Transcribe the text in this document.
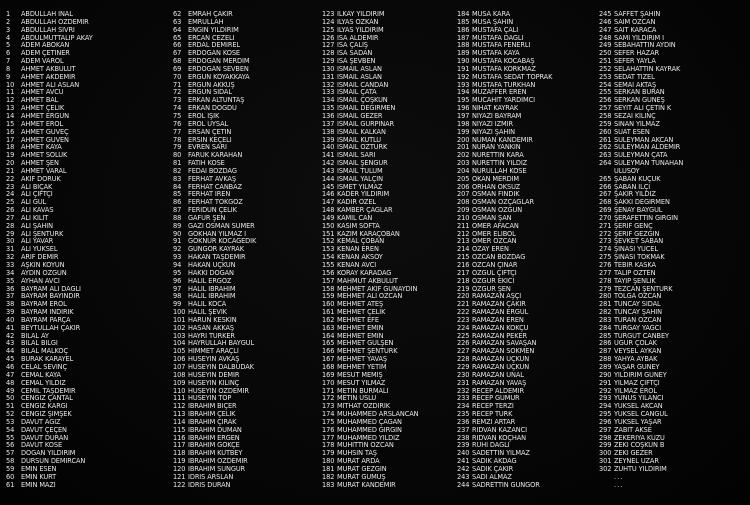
1 ABDULLAH İNAL
2 ABDULLAH ÖZDEMİR
3 ABDULLAH SİVRİ
4 ABDÜLMUTTALİP AKAY
5 ADEM ABOKAN
6 ADEM ÇETİNER
7 ADEM VAROL
8 AHMET AKBULUT
9 AHMET AKDEMİR
10 AHMET ALİ ASLAN
11 AHMET AVCU
12 AHMET BAL
13 AHMET ÇELİK
14 AHMET ERGÜN
15 AHMET EROL
16 AHMET GÜVEÇ
17 AHMET GÜVEN
18 AHMET KAYA
19 AHMET SOLUK
20 AHMET ŞEN
21 AHMET VARAL
22 AKİF DORUK
23 ALİ BIÇAK
24 ALİ ÇİFTÇİ
25 ALİ GÜL
26 ALİ KAVAS
27 ALİ KILIT
28 ALİ ŞAHİN
29 ALİ ŞENTÜRK
30 ALİ YAVAR
31 ALİ YÜKSEL
32 ARİF DEMİR
33 AŞKIN KOYUN
34 AYDIN ÖZGÜN
35 AYHAN AVCI
36 BAYRAM ALİ DAĞLI
37 BAYRAM BAYINDIR
38 BAYRAM EROL
39 BAYRAM İNDİRİK
40 BAYRAM PARÇA
41 BEYTULLAH ÇAKIR
42 BİLAL AY
43 BİLAL BİLGİ
44 BİLAL MALKOÇ
45 BURAK KARAYEL
46 CELAL SEVİNÇ
47 CEMAL KAYA
48 CEMAL YILDIZ
49 CEMİL TAŞDEMİR
50 CENGİZ ÇANTAL
51 CENGİZ KARGI
52 CENGİZ ŞİMŞEK
53 DAVUT AĞIZ
54 DAVUT ÇEÇEN
55 DAVUT DURAN
56 DAVUT KÖSE
57 DOĞAN YILDIRIM
58 DURSUN DEMİRCAN
59 EMİN ESEN
60 EMİN KURT
61 EMİN MAZI
62 EMRAH ÇAKIR
63 EMRULLAH
64 ENGİN YILDIRIM
65 ERCAN CEZELİ
66 ERDAL DEMİREL
67 ERDOĞAN KÖSE
68 ERDOĞAN MERDİM
69 ERDOĞAN SEVBEN
70 ERGÜN KOYAKKAYA
71 ERGÜN AKKUŞ
72 ERGÜN SIDAL
73 ERKAN ALTUNTAŞ
74 ERKAN DOĞDU
75 EROL IŞIK
76 EROL UYSAL
77 ERSAN ÇETİN
78 ERSİN KEÇELİ
79 EVREN SARI
80 FARUK KARAHAN
81 FATİH KÖSE
82 FEDAİ BOZDAĞ
83 FERHAT AVKAŞ
84 FERHAT CANBAZ
85 FERHAT İREN
86 FERHAT TOKGÖZ
87 FERİDUN ÇELİK
88 GAFUR ŞEN
89 GAZİ OSMAN SÜMER
90 GÖKHAN YILMAZ İ
91 GÖKNUR KOCAGEDİK
92 GÜNGÖR KAYRAK
93 HAKAN TAŞDEMİR
94 HAKAN UÇKUN
95 HAKKI DOĞAN
96 HALİL ERGÖZ
97 HALİL İBRAHİM
98 HALİL İBRAHİM
99 HALİL KOCA
100 HALİL ŞEVİK
101 HARUN KESKİN
102 HASAN AKKAŞ
103 HAYRİ TÜRKER
104 HAYRULLAH BAYGÜL
105 HİMMET ARAÇLI
106 HÜSEYİN AVKAŞ
107 HÜSEYİN DALBUDAK
108 HÜSEYİN DEMİR
109 HÜSEYİN KILINÇ
110 HÜSEYİN ÖZDEMİR
111 HÜSEYİN TOP
112 İBRAHİM BİÇER
113 İBRAHİM ÇELİK
114 İBRAHİM ÇIRAK
115 İBRAHİM DUMAN
116 İBRAHİM ERGEN
117 İBRAHİM GÖKÇE
118 İBRAHİM KUTBEY
119 İBRAHİM ÖZDEMİR
120 İBRAHİM SUNGUR
121 İDRİS ARSLAN
122 İDRİS DURAN
123 İLKAY YILDIRIM
124 İLYAS ÖZKAN
125 İLYAS YILDIRIM
126 İSA ALDEMİR
127 İSA ÇALIŞ
128 İSA SADAN
129 İSA ŞEVBEN
130 İSMAİL ASLAN
131 İSMAİL ASLAN
132 İSMAİL CANDAN
133 İSMAİL ÇATA
134 İSMAİL ÇOŞKUN
135 İSMAİL DEĞİRMEN
136 İSMAİL GEZER
137 İSMAİL GÜRPINAR
138 İSMAİL KALKAN
139 İSMAİL KUTLU
140 İSMAİL ÖZTÜRK
141 İSMAİL SARI
142 İSMAİL ŞENGÜR
143 İSMAİL TULUM
144 İSMAİL YALÇIN
145 İSMET YILMAZ
146 KADER YILDIRIM
147 KADİR ÖZEL
148 KAMBER ÇAĞLAR
149 KAMİL CAN
150 KASIM SOFTA
151 KAZIM KARAÇOBAN
152 KEMAL ÇOBAN
153 KENAN EREN
154 KENAN AKSOY
155 KENAN AVCI
156 KORAY KARADAĞ
157 MAHMUT AKBULUT
158 MEHMET AKİF GÜNAYDIN
159 MEHMET ALİ ÖZCAN
160 MEHMET ATEŞ
161 MEHMET ÇELİK
162 MEHMET EFE
163 MEHMET EMİN
164 MEHMET EMİN
165 MEHMET GÜLŞEN
166 MEHMET ŞENTÜRK
167 MEHMET YAVAŞ
168 MEHMET YETİM
169 MESUT MEMİŞ
170 MESUT YILMAZ
171 METİN BURMALI
172 METİN USLU
173 MİTHAT ÖZDİRİK
174 MUHAMMED ARSLANCAN
175 MUHAMMED ÇAĞAN
176 MUHAMMED GİRGİN
177 MUHAMMED YILDIZ
178 MUHİTTİN ÖZCAN
179 MUHSİN TAŞ
180 MURAT ARDA
181 MURAT GEZGİN
182 MURAT GÜMÜŞ
183 MURAT KANDEMİR
184 MUSA KARA
185 MUSA ŞAHİN
186 MUSTAFA ÇALI
187 MUSTAFA DAĞLI
188 MUSTAFA FENERLİ
189 MUSTAFA KAYA
190 MUSTAFA KOCABAŞ
191 MUSTAFA KORKMAZ
192 MUSTAFA SEDAT TOPRAK
193 MUSTAFA TÜRKHAN
194 MUZAFFER EREN
195 MÜCAHİT YARDIMCI
196 NİHAT KAYRAK
197 NİYAZİ BAYRAM
198 NİYAZİ İZMİR
199 NİYAZİ ŞAHİN
200 NUMAN KANDEMİR
201 NURAN YANKIN
202 NURETTİN KARA
203 NURETTİN YILDIZ
204 NURULLAH KÖSE
205 OKAN MERDİM
206 ORHAN ÖKSÜZ
207 OSMAN FINDIK
208 OSMAN ÖZÇAĞLAR
209 OSMAN ÖZGÜN
210 OSMAN ŞAN
211 ÖMER AFACAN
212 ÖMER ELİBOL
213 ÖMER ÖZCAN
214 ÖZAY EREN
215 ÖZCAN BOZDAĞ
216 ÖZCAN ÇINAR
217 ÖZGÜL ÇİFTÇİ
218 ÖZGÜR EKİCİ
219 ÖZGÜR ŞEN
220 RAMAZAN AŞÇI
221 RAMAZAN ÇAKIR
222 RAMAZAN ERGÜL
223 RAMAZAN EREN
224 RAMAZAN KÖKÇÜ
225 RAMAZAN PEKER
226 RAMAZAN SAVAŞAN
227 RAMAZAN SÖKMEN
228 RAMAZAN UÇKUN
229 RAMAZAN UÇKUN
230 RAMAZAN ÜNAL
231 RAMAZAN YAVAŞ
232 RECEP ALDEMİR
233 RECEP GÜMÜR
234 RECEP TERZİ
235 RECEP TÜRK
236 REMZİ ARTAR
237 RIDVAN KAZANCI
238 RIDVAN KOÇHAN
239 RUHİ DAĞLI
240 SADETTİN YILMAZ
241 SADIK AKDAĞ
242 SADIK ÇAKIR
243 SADİ ALMAZ
244 SADRETTİN GÜNGÖR
245 SAFFET ŞAHİN
246 SAİM ÖZCAN
247 SAİT KARACA
248 SAMİ YILDIRIM İ
249 SEBAHATTİN AYDIN
250 SEFER HAZAR
251 SEFER YAYLA
252 SELAHATTİN KAYRAK
253 SEDAT TİZEL
254 SEMAİ AKTAŞ
255 SERKAN BURAN
256 SERKAN GÜNEŞ
257 SEYİT ALİ ÇETİN K
258 SEZAİ KILINÇ
259 SİNAN YILMAZ
260 SUAT ESEN
261 SÜLEYMAN AKCAN
262 SÜLEYMAN ALDEMİR
263 SÜLEYMAN ÇATA
264 SÜLEYMAN TUNAHAN
ULUSOY
265 ŞABAN KÜÇÜK
266 ŞABAN İLÇİ
267 ŞAKİR YILDIZ
268 ŞAKKİ DEĞİRMEN
269 ŞENAY BAYGÜL
270 ŞERAFETTİN GİRGİN
271 ŞERİF GENÇ
272 ŞERİF GEZGİN
273 ŞEVKET SABAN
274 ŞİNASİ YÜCEL
275 ŞİNASİ TOKMAK
276 TEBİR KASKA
277 TALİP ÖZTEN
278 TAYİP ŞENLİK
279 TEZCAN ŞENTÜRK
280 TOLGA ÖZCAN
281 TUNCAY SIDAL
282 TUNCAY ŞAHİN
283 TURAN ÖZCAN
284 TURGAY YAĞCI
285 TURGUT CANBEY
286 UĞUR ÇOLAK
287 VEYSEL AYKAN
288 YAHYA AYBAK
289 YAŞAR GÜNEY
290 YILDIRIM GÜNEY
291 YILMAZ ÇİFTÇİ
292 YILMAZ EROL
293 YUNUS YILANCI
294 YÜKSEL AKCAN
295 YÜKSEL CANGÜL
296 YÜKSEL YAŞAR
297 ZABİT AKSE
298 ZEKERİYA KUZU
299 ZEKİ COŞKUN B
300 ZEKİ GEZER
301 ZEYNEL UZAR
302 ZÜHTÜ YILDIRIM
...
...
